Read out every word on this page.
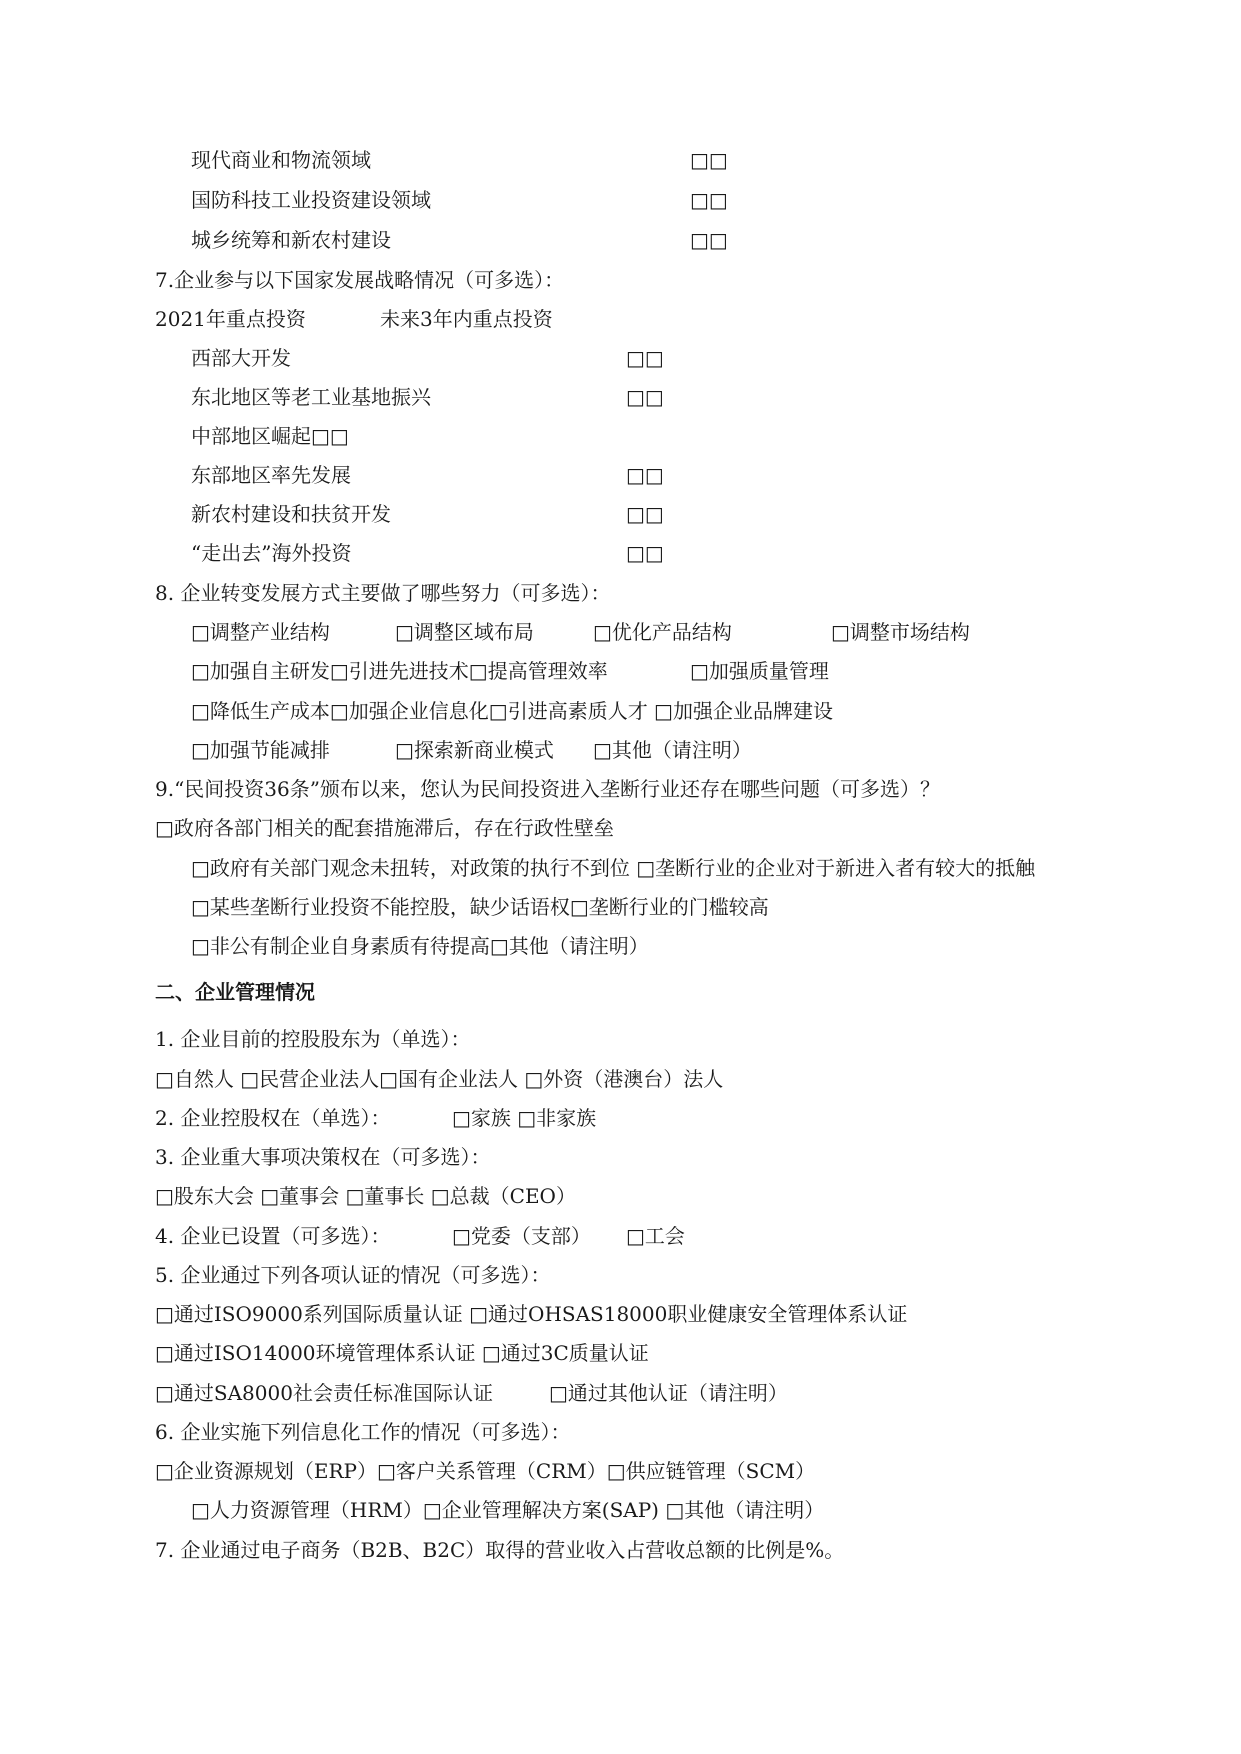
现代商业和物流领域	□□
国防科技工业投资建设领域	□□
城乡统筹和新农村建设	□□
7.企业参与以下国家发展战略情况（可多选）：
2021年重点投资	未来3年内重点投资
西部大开发	□□
东北地区等老工业基地振兴	□□
中部地区崛起□□
东部地区率先发展	□□
新农村建设和扶贫开发	□□
“走出去”海外投资	□□
8. 企业转变发展方式主要做了哪些努力（可多选）：
□调整产业结构	□调整区域布局	□优化产品结构	□调整市场结构
□加强自主研发□引进先进技术□提高管理效率	□加强质量管理
□降低生产成本□加强企业信息化□引进高素质人才 □加强企业品牌建设
□加强节能减排	□探索新商业模式 □其他（请注明）
9.“民间投资36条”颁布以来，您认为民间投资进入垄断行业还存在哪些问题（可多选）？
□政府各部门相关的配套措施滞后，存在行政性壁垒
□政府有关部门观念未扭转，对政策的执行不到位 □垄断行业的企业对于新进入者有较大的抵触
□某些垄断行业投资不能控股，缺少话语权□垄断行业的门槛较高
□非公有制企业自身素质有待提高□其他（请注明）
二、企业管理情况
1. 企业目前的控股股东为（单选）：
□自然人 □民营企业法人□国有企业法人 □外资（港澳台）法人
2. 企业控股权在（单选）：	□家族 □非家族
3. 企业重大事项决策权在（可多选）：
□股东大会 □董事会 □董事长 □总裁（CEO）
4. 企业已设置（可多选）：	□党委（支部） □工会
5. 企业通过下列各项认证的情况（可多选）：
□通过ISO9000系列国际质量认证 □通过OHSAS18000职业健康安全管理体系认证
□通过ISO14000环境管理体系认证 □通过3C质量认证
□通过SA8000社会责任标准国际认证	□通过其他认证（请注明）
6. 企业实施下列信息化工作的情况（可多选）：
□企业资源规划（ERP）□客户关系管理（CRM）□供应链管理（SCM）
□人力资源管理（HRM）□企业管理解决方案(SAP) □其他（请注明）
7. 企业通过电子商务（B2B、B2C）取得的营业收入占营收总额的比例是%。
